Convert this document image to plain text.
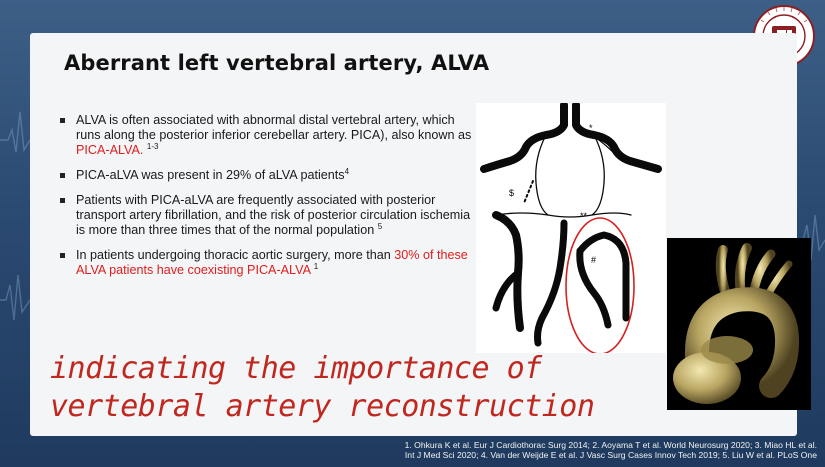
Aberrant left vertebral artery, ALVA
ALVA is often associated with abnormal distal vertebral artery, which runs along the posterior inferior cerebellar artery. PICA), also known as PICA-ALVA. $^{1-3}$
PICA-aLVA was present in 29% of aLVA patients$^4$
Patients with PICA-aLVA are frequently associated with posterior transport artery fibrillation, and the risk of posterior circulation ischemia is more than three times that of the normal population $^5$
In patients undergoing thoracic aortic surgery, more than 30% of these ALVA patients have coexisting PICA-ALVA $^1$

indicating the importance of

vertebral artery reconstruction

*
$
**
#
1. Ohkura K et al. Eur J Cardiothorac Surg 2014; 2. Aoyama T et al. World Neurosurg 2020; 3. Miao HL et al.
Int J Med Sci 2020; 4. Van der Weijde E et al. J Vasc Surg Cases Innov Tech 2019; 5. Liu W et al. PLoS One
